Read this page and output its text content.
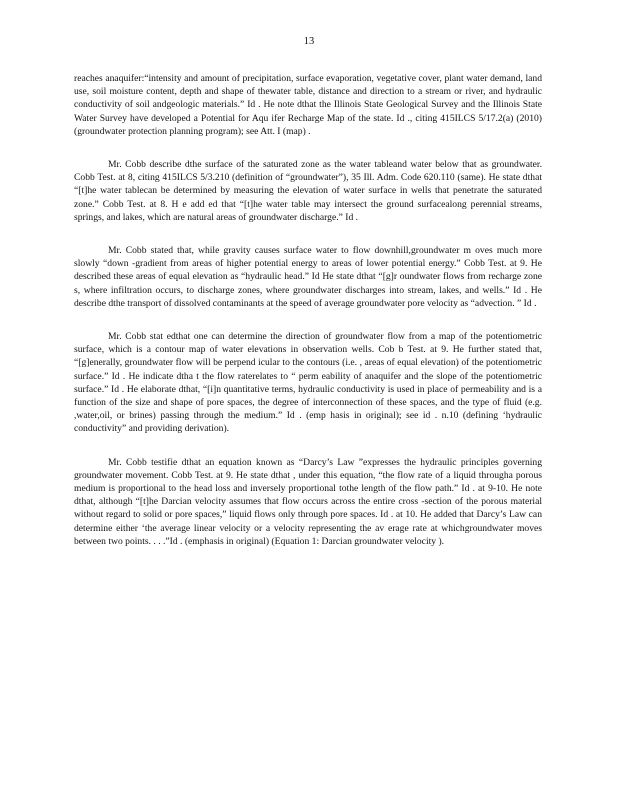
13

reaches anaquifer:“intensity and amount of precipitation, surface evaporation, vegetative cover, plant water demand, land use, soil moisture content, depth and shape of thewater table, distance and direction to a stream or river, and hydraulic conductivity of soil andgeologic materials.” Id . He note dthat the Illinois State Geological Survey and the Illinois State Water Survey have developed a Potential for Aqu ifer Recharge Map of the state. Id ., citing 415ILCS 5/17.2(a) (2010) (groundwater protection planning program); see Att. I (map) .

Mr. Cobb describe dthe surface of the saturated zone as the water tableand water below that as groundwater. Cobb Test. at 8, citing 415ILCS 5/3.210 (definition of “groundwater”), 35 Ill. Adm. Code 620.110 (same). He state dthat “[t]he water tablecan be determined by measuring the elevation of water surface in wells that penetrate the saturated zone.” Cobb Test. at 8. H e add ed that “[t]he water table may intersect the ground surfacealong perennial streams, springs, and lakes, which are natural areas of groundwater discharge.” Id .

Mr. Cobb stated that, while gravity causes surface water to flow downhill,groundwater m oves much more slowly “down -gradient from areas of higher potential energy to areas of lower potential energy.” Cobb Test. at 9. He described these areas of equal elevation as “hydraulic head.” Id He state dthat “[g]r oundwater flows from recharge zone s, where infiltration occurs, to discharge zones, where groundwater discharges into stream, lakes, and wells.” Id . He describe dthe transport of dissolved contaminants at the speed of average groundwater pore velocity as “advection. ” Id .

Mr. Cobb stat edthat one can determine the direction of groundwater flow from a map of the potentiometric surface, which is a contour map of water elevations in observation wells. Cob b Test. at 9. He further stated that, “[g]enerally, groundwater flow will be perpend icular to the contours (i.e. , areas of equal elevation) of the potentiometric surface.” Id . He indicate dtha t the flow raterelates to “ perm eability of anaquifer and the slope of the potentiometric surface.” Id . He elaborate dthat, “[i]n quantitative terms, hydraulic conductivity is used in place of permeability and is a function of the size and shape of pore spaces, the degree of interconnection of these spaces, and the type of fluid (e.g. ,water,oil, or brines) passing through the medium.” Id . (emp hasis in original); see id . n.10 (defining ‘hydraulic conductivity” and providing derivation).

Mr. Cobb testifie dthat an equation known as “Darcy’s Law ”expresses the hydraulic principles governing groundwater movement. Cobb Test. at 9. He state dthat , under this equation, “the flow rate of a liquid througha porous medium is proportional to the head loss and inversely proportional tothe length of the flow path.” Id . at 9-10. He note dthat, although “[t]he Darcian velocity assumes that flow occurs across the entire cross -section of the porous material without regard to solid or pore spaces,” liquid flows only through pore spaces. Id . at 10. He added that Darcy’s Law can determine either ‘the average linear velocity or a velocity representing the av erage rate at whichgroundwater moves between two points. . . .”Id . (emphasis in original) (Equation 1: Darcian groundwater velocity ).
